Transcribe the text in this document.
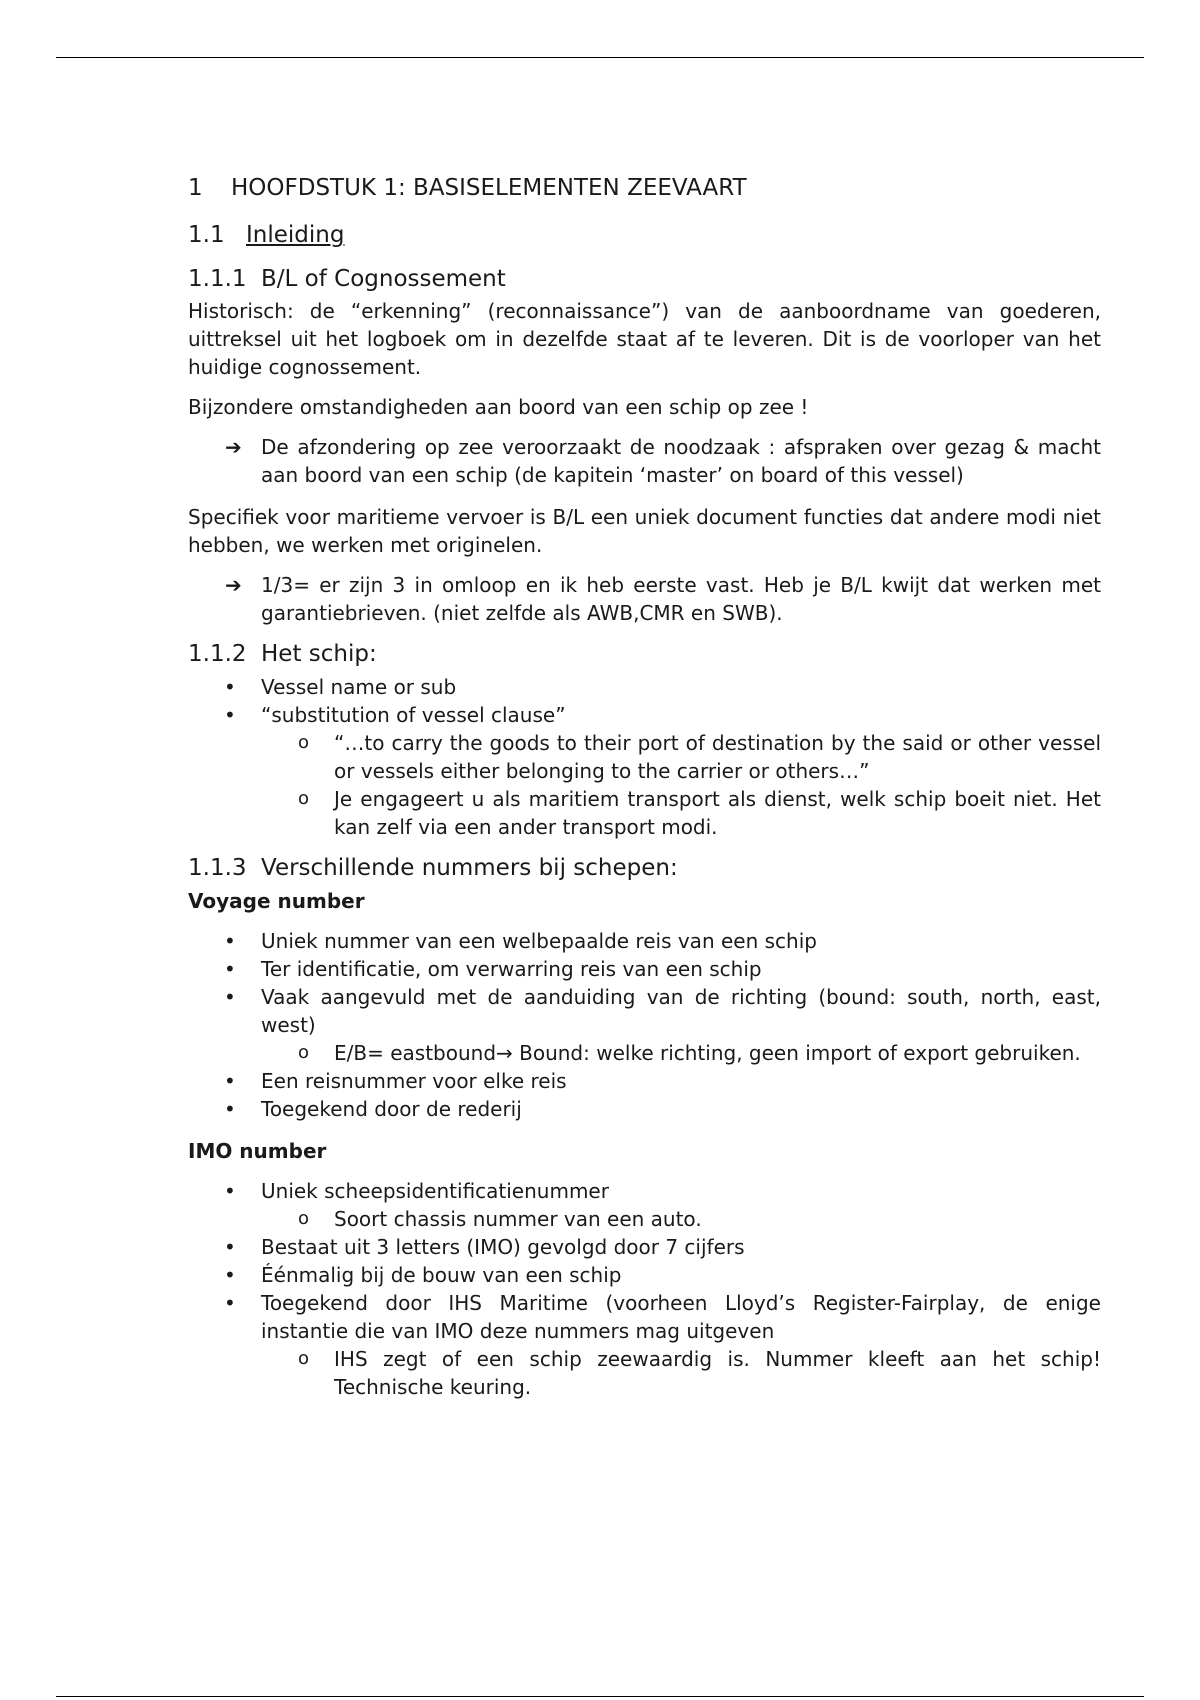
1 HOOFDSTUK 1: BASISELEMENTEN ZEEVAART
1.1 Inleiding
1.1.1 B/L of Cognossement

Historisch: de “erkenning” (reconnaissance”) van de aanboordname van goederen, uittreksel uit het logboek om in dezelfde staat af te leveren. Dit is de voorloper van het huidige cognossement.

Bijzondere omstandigheden aan boord van een schip op zee !

➔ De afzondering op zee veroorzaakt de noodzaak : afspraken over gezag & macht aan boord van een schip (de kapitein ‘master’ on board of this vessel)

Specifiek voor maritieme vervoer is B/L een uniek document functies dat andere modi niet hebben, we werken met originelen.

➔ 1/3= er zijn 3 in omloop en ik heb eerste vast. Heb je B/L kwijt dat werken met garantiebrieven. (niet zelfde als AWB,CMR en SWB).
1.1.2 Het schip:
• Vessel name or sub
• “substitution of vessel clause”
o “…to carry the goods to their port of destination by the said or other vessel or vessels either belonging to the carrier or others…”
o Je engageert u als maritiem transport als dienst, welk schip boeit niet. Het kan zelf via een ander transport modi.
1.1.3 Verschillende nummers bij schepen:

Voyage number

• Uniek nummer van een welbepaalde reis van een schip
• Ter identificatie, om verwarring reis van een schip
• Vaak aangevuld met de aanduiding van de richting (bound: south, north, east, west)
o E/B= eastbound→ Bound: welke richting, geen import of export gebruiken.
• Een reisnummer voor elke reis
• Toegekend door de rederij

IMO number

• Uniek scheepsidentificatienummer
o Soort chassis nummer van een auto.
• Bestaat uit 3 letters (IMO) gevolgd door 7 cijfers
• Éénmalig bij de bouw van een schip
• Toegekend door IHS Maritime (voorheen Lloyd’s Register-Fairplay, de enige instantie die van IMO deze nummers mag uitgeven
o IHS zegt of een schip zeewaardig is. Nummer kleeft aan het schip! Technische keuring.
